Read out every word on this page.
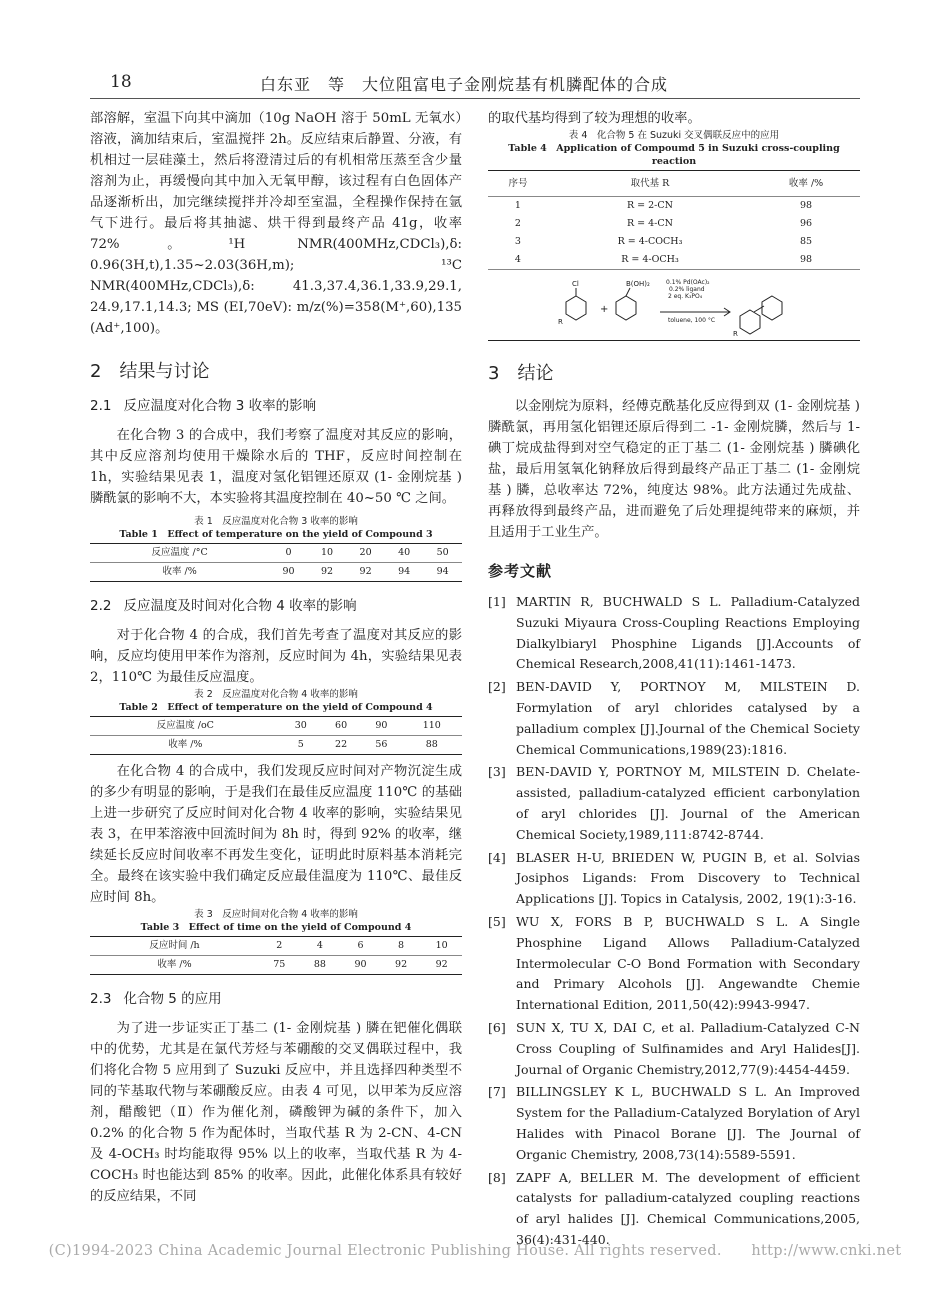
18	白东亚　等　大位阻富电子金刚烷基有机膦配体的合成

部溶解，室温下向其中滴加（10g NaOH 溶于 50mL 无氧水）溶液，滴加结束后，室温搅拌 2h。反应结束后静置、分液，有机相过一层硅藻土，然后将澄清过后的有机相常压蒸至含少量溶剂为止，再缓慢向其中加入无氧甲醇，该过程有白色固体产品逐渐析出，加完继续搅拌并冷却至室温，全程操作保持在氩气下进行。最后将其抽滤、烘干得到最终产品 41g，收率 72%。¹H NMR(400MHz,CDCl₃),δ: 0.96(3H,t),1.35~2.03(36H,m); ¹³C NMR(400MHz,CDCl₃),δ: 41.3,37.4,36.1,33.9,29.1, 24.9,17.1,14.3; MS (EI,70eV): m/z(%)=358(M⁺,60),135 (Ad⁺,100)。

2 结果与讨论
2.1 反应温度对化合物 3 收率的影响

在化合物 3 的合成中，我们考察了温度对其反应的影响，其中反应溶剂均使用干燥除水后的 THF，反应时间控制在 1h，实验结果见表 1，温度对氢化铝锂还原双 (1- 金刚烷基 ) 膦酰氯的影响不大，本实验将其温度控制在 40~50 ℃ 之间。

表 1　反应温度对化合物 3 收率的影响
Table 1　Effect of temperature on the yield of Compound 3
反应温度 /°C	0	10	20	40	50
收率 /%	90	92	92	94	94
2.2 反应温度及时间对化合物 4 收率的影响

对于化合物 4 的合成，我们首先考查了温度对其反应的影响，反应均使用甲苯作为溶剂，反应时间为 4h，实验结果见表 2，110℃ 为最佳反应温度。

表 2　反应温度对化合物 4 收率的影响
Table 2　Effect of temperature on the yield of Compound 4
反应温度 /oC	30	60	90	110
收率 /%	5	22	56	88

在化合物 4 的合成中，我们发现反应时间对产物沉淀生成的多少有明显的影响，于是我们在最佳反应温度 110℃ 的基础上进一步研究了反应时间对化合物 4 收率的影响，实验结果见表 3，在甲苯溶液中回流时间为 8h 时，得到 92% 的收率，继续延长反应时间收率不再发生变化，证明此时原料基本消耗完全。最终在该实验中我们确定反应最佳温度为 110℃、最佳反应时间 8h。

表 3　反应时间对化合物 4 收率的影响
Table 3　Effect of time on the yield of Compound 4
反应时间 /h	2	4	6	8	10
收率 /%	75	88	90	92	92
2.3 化合物 5 的应用

为了进一步证实正丁基二 (1- 金刚烷基 ) 膦在钯催化偶联中的优势，尤其是在氯代芳烃与苯硼酸的交叉偶联过程中，我们将化合物 5 应用到了 Suzuki 反应中，并且选择四种类型不同的苄基取代物与苯硼酸反应。由表 4 可见，以甲苯为反应溶剂，醋酸钯（Ⅱ）作为催化剂，磷酸钾为碱的条件下，加入 0.2% 的化合物 5 作为配体时，当取代基 R 为 2-CN、4-CN 及 4-OCH₃ 时均能取得 95% 以上的收率，当取代基 R 为 4-COCH₃ 时也能达到 85% 的收率。因此，此催化体系具有较好的反应结果，不同

的取代基均得到了较为理想的收率。

表 4　化合物 5 在 Suzuki 交叉偶联反应中的应用
Table 4　Application of Compoumd 5 in Suzuki cross-coupling reaction
序号	取代基 R	收率 /%
1	R = 2-CN	98
2	R = 4-CN	96
3	R = 4-COCH₃	85
4	R = 4-OCH₃	98
Cl	B(OH)₂
R
+
0.1% Pd(OAc)₂
0.2% ligand
2 eq. K₃PO₄
toluene, 100 °C
R
3 结论

以金刚烷为原料，经傅克酰基化反应得到双 (1- 金刚烷基 ) 膦酰氯，再用氢化铝锂还原后得到二 -1- 金刚烷膦，然后与 1- 碘丁烷成盐得到对空气稳定的正丁基二 (1- 金刚烷基 ) 膦碘化盐，最后用氢氧化钠释放后得到最终产品正丁基二 (1- 金刚烷基 ) 膦，总收率达 72%，纯度达 98%。此方法通过先成盐、再释放得到最终产品，进而避免了后处理提纯带来的麻烦，并且适用于工业生产。

参考文献
[1] MARTIN R, BUCHWALD S L. Palladium-Catalyzed Suzuki Miyaura Cross-Coupling Reactions Employing Dialkylbiaryl Phosphine Ligands [J].Accounts of Chemical Research,2008,41(11):1461-1473.
[2] BEN-DAVID Y, PORTNOY M, MILSTEIN D. Formylation of aryl chlorides catalysed by a palladium complex [J].Journal of the Chemical Society Chemical Communications,1989(23):1816.
[3] BEN-DAVID Y, PORTNOY M, MILSTEIN D. Chelate-assisted, palladium-catalyzed efficient carbonylation of aryl chlorides [J]. Journal of the American Chemical Society,1989,111:8742-8744.
[4] BLASER H-U, BRIEDEN W, PUGIN B, et al. Solvias Josiphos Ligands: From Discovery to Technical Applications [J]. Topics in Catalysis, 2002, 19(1):3-16.
[5] WU X, FORS B P, BUCHWALD S L. A Single Phosphine Ligand Allows Palladium-Catalyzed Intermolecular C-O Bond Formation with Secondary and Primary Alcohols [J]. Angewandte Chemie International Edition, 2011,50(42):9943-9947.
[6] SUN X, TU X, DAI C, et al. Palladium-Catalyzed C-N Cross Coupling of Sulfinamides and Aryl Halides[J]. Journal of Organic Chemistry,2012,77(9):4454-4459.
[7] BILLINGSLEY K L, BUCHWALD S L. An Improved System for the Palladium-Catalyzed Borylation of Aryl Halides with Pinacol Borane [J]. The Journal of Organic Chemistry, 2008,73(14):5589-5591.
[8] ZAPF A, BELLER M. The development of efficient catalysts for palladium-catalyzed coupling reactions of aryl halides [J]. Chemical Communications,2005, 36(4):431-440.
(C)1994-2023 China Academic Journal Electronic Publishing House. All rights reserved.　　http://www.cnki.net
